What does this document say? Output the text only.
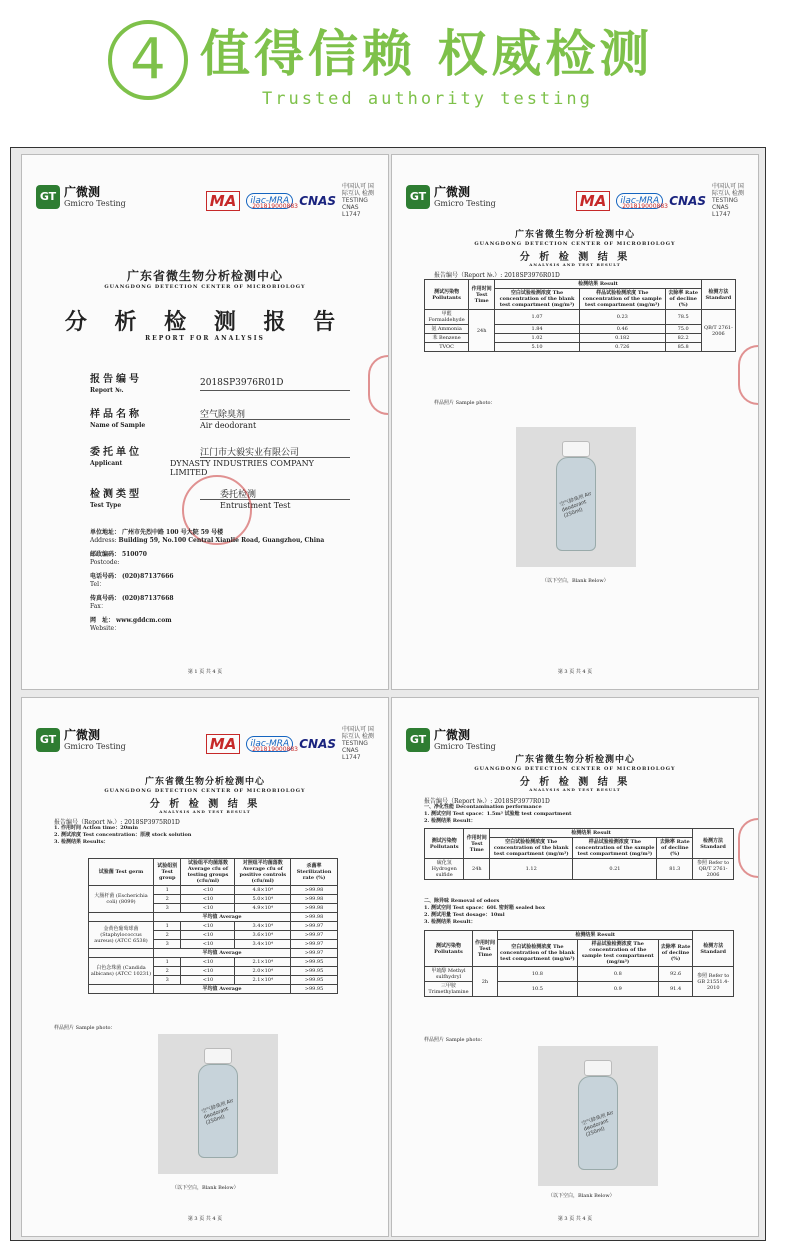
4 值得信赖 权威检测
Trusted authority testing
GT 广微测
Gmicro Testing	MA	ilac-MRA CNAS
中国认可 国际互认 检测 TESTING CNAS L1747
201819000883
广东省微生物分析检测中心
GUANGDONG DETECTION CENTER OF MICROBIOLOGY
分 析 检 测 报 告
REPORT FOR ANALYSIS
报告编号
Report №.
2018SP3976R01D
样品名称
Name of Sample
空气除臭剂
Air deodorant
委托单位
Applicant
江门市大毅实业有限公司
DYNASTY INDUSTRIES COMPANY LIMITED
检测类型
Test Type
委托检测
Entrustment Test
单位地址： 广州市先烈中路 100 号大院 59 号楼
Address: Building 59, No.100 Central Xianlie Road, Guangzhou, China
邮政编码： 510070
Postcode:
电话号码： (020)87137666
Tel：
传真号码： (020)87137668
Fax：
网　址： www.gddcm.com
Website：
第 1 页 共 4 页
GT 广微测
Gmicro Testing	MA	ilac-MRA CNAS
中国认可 国际互认 检测 TESTING CNAS L1747
201819000883
广东省微生物分析检测中心
GUANGDONG DETECTION CENTER OF MICROBIOLOGY
分 析 检 测 结 果
ANALYSIS AND TEST RESULT
报告编号（Report №.）: 2018SP3976R01D
测试污染物 Pollutants	作用时间 Test Time	检测结果 Result			检测方法 Standard
		空白试验检测浓度 The concentration of the blank test compartment (mg/m³)	样品试验检测浓度 The concentration of the sample test compartment (mg/m³)	去除率 Rate of decline (%)	
甲醛 Formaldehyde	24h	1.07	0.23	78.5	QB/T 2761-2006
氨 Ammonia		1.84	0.46	75.0	
苯 Benzene		1.02	0.182	82.2	
TVOC		5.10	0.726	85.8	
样品照片 Sample photo：
空气除臭剂 Air deodorant (250ml)
（以下空白，Blank Below）
第 3 页 共 4 页
GT 广微测
Gmicro Testing	MA	ilac-MRA CNAS
中国认可 国际互认 检测 TESTING CNAS L1747
201819000883
广东省微生物分析检测中心
GUANGDONG DETECTION CENTER OF MICROBIOLOGY
分 析 检 测 结 果
ANALYSIS AND TEST RESULT
报告编号（Report №.）: 2018SP3975R01D
1. 作用时间 Action time：20min
2. 测试浓度 Test concentration：原液 stock solution
3. 检测结果 Results：
试验菌 Test germ	试验组别 Test group	试验组平均菌落数 Average cfu of testing groups (cfu/ml)	对照组平均菌落数 Average cfu of positive controls (cfu/ml)	杀菌率 Sterilization rate (%)
大肠杆菌 (Escherichia coli) (8099)	1	<10	4.8×10⁴	>99.98
	2	<10	5.0×10⁴	>99.98
	3	<10	4.9×10⁴	>99.98
	平均值 Average			>99.98
金黄色葡萄球菌 (Staphylococcus aureus) (ATCC 6538)	1	<10	3.4×10⁴	>99.97
	2	<10	3.6×10⁴	>99.97
	3	<10	3.4×10⁴	>99.97
	平均值 Average			>99.97
白色念珠菌 (Candida albicans) (ATCC 10231)	1	<10	2.1×10⁴	>99.95
	2	<10	2.0×10⁴	>99.95
	3	<10	2.1×10⁴	>99.95
	平均值 Average			>99.95
样品照片 Sample photo：
空气除臭剂 Air deodorant (250ml)
（以下空白，Blank Below）
第 3 页 共 4 页
GT 广微测
Gmicro Testing
广东省微生物分析检测中心
GUANGDONG DETECTION CENTER OF MICROBIOLOGY
分 析 检 测 结 果
ANALYSIS AND TEST RESULT
报告编号（Report №.）: 2018SP3977R01D
一、净化性能 Decontamination performance
1. 测试空间 Test space：1.5m³ 试验舱 test compartment
2. 检测结果 Result：
测试污染物 Pollutants	作用时间 Test Time	检测结果 Result			检测方法 Standard
		空白试验检测浓度 The concentration of the blank test compartment (mg/m³)	样品试验检测浓度 The concentration of the sample test compartment (mg/m³)	去除率 Rate of decline (%)	
硫化氢 Hydrogen sulfide	24h	1.12	0.21	81.3	参照 Refer to QB/T 2761-2006
二、除异味 Removal of odors
1. 测试空间 Test space：60L 密封箱 sealed box
2. 测试用量 Test dosage：10ml
3. 检测结果 Result：
测试污染物 Pollutants	作用时间 Test Time	检测结果 Result			检测方法 Standard
		空白试验检测浓度 The concentration of the blank test compartment (mg/m³)	样品试验检测浓度 The concentration of the sample test compartment (mg/m³)	去除率 Rate of decline (%)	
甲巯醇 Methyl sulfhydryl	2h	10.8	0.8	92.6	参照 Refer to GB 21551.4-2010
三甲胺 Trimethylamine		10.5	0.9	91.4	
样品照片 Sample photo：
空气除臭剂 Air deodorant (250ml)
（以下空白，Blank Below）
第 3 页 共 4 页
